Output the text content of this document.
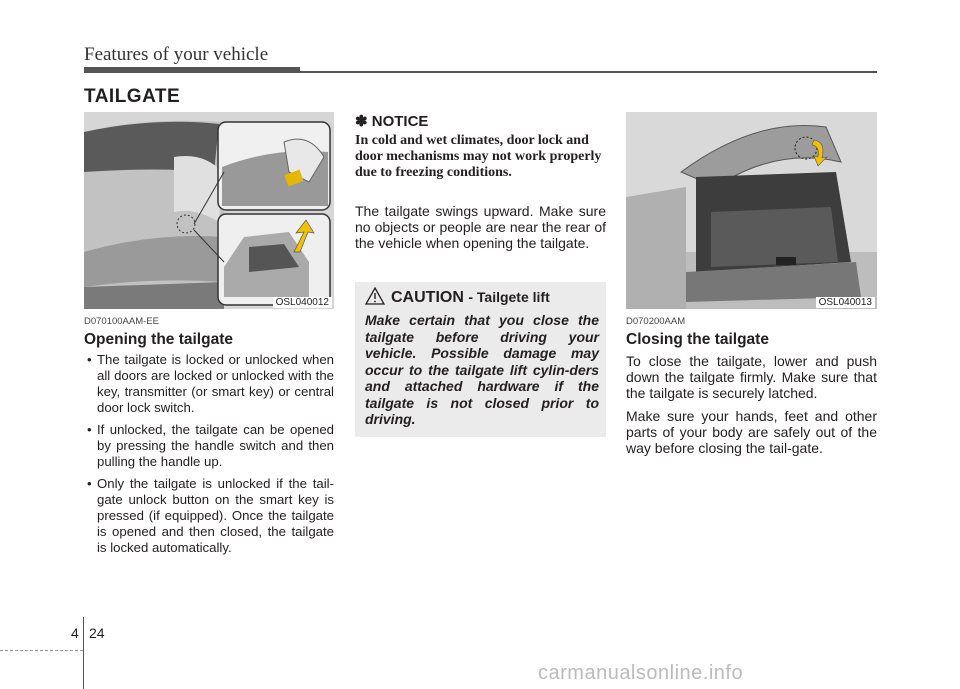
Features of your vehicle
TAILGATE
OSL040012
D070100AAM-EE
Opening the tailgate
• The tailgate is locked or unlocked when all doors are locked or unlocked with the key, transmitter (or smart key) or central door lock switch.
• If unlocked, the tailgate can be opened by pressing the handle switch and then pulling the handle up.
• Only the tailgate is unlocked if the tail-gate unlock button on the smart key is pressed (if equipped). Once the tailgate is opened and then closed, the tailgate is locked automatically.
✽ NOTICE
In cold and wet climates, door lock and door mechanisms may not work properly due to freezing conditions.
The tailgate swings upward. Make sure no objects or people are near the rear of the vehicle when opening the tailgate.
CAUTION - Tailgete lift
Make certain that you close the tailgate before driving your vehicle. Possible damage may occur to the tailgate lift cylin-ders and attached hardware if the tailgate is not closed prior to driving.
OSL040013
D070200AAM
Closing the tailgate
To close the tailgate, lower and push down the tailgate firmly. Make sure that the tailgate is securely latched.
Make sure your hands, feet and other parts of your body are safely out of the way before closing the tail-gate.
4 24
carmanualsonline.info
